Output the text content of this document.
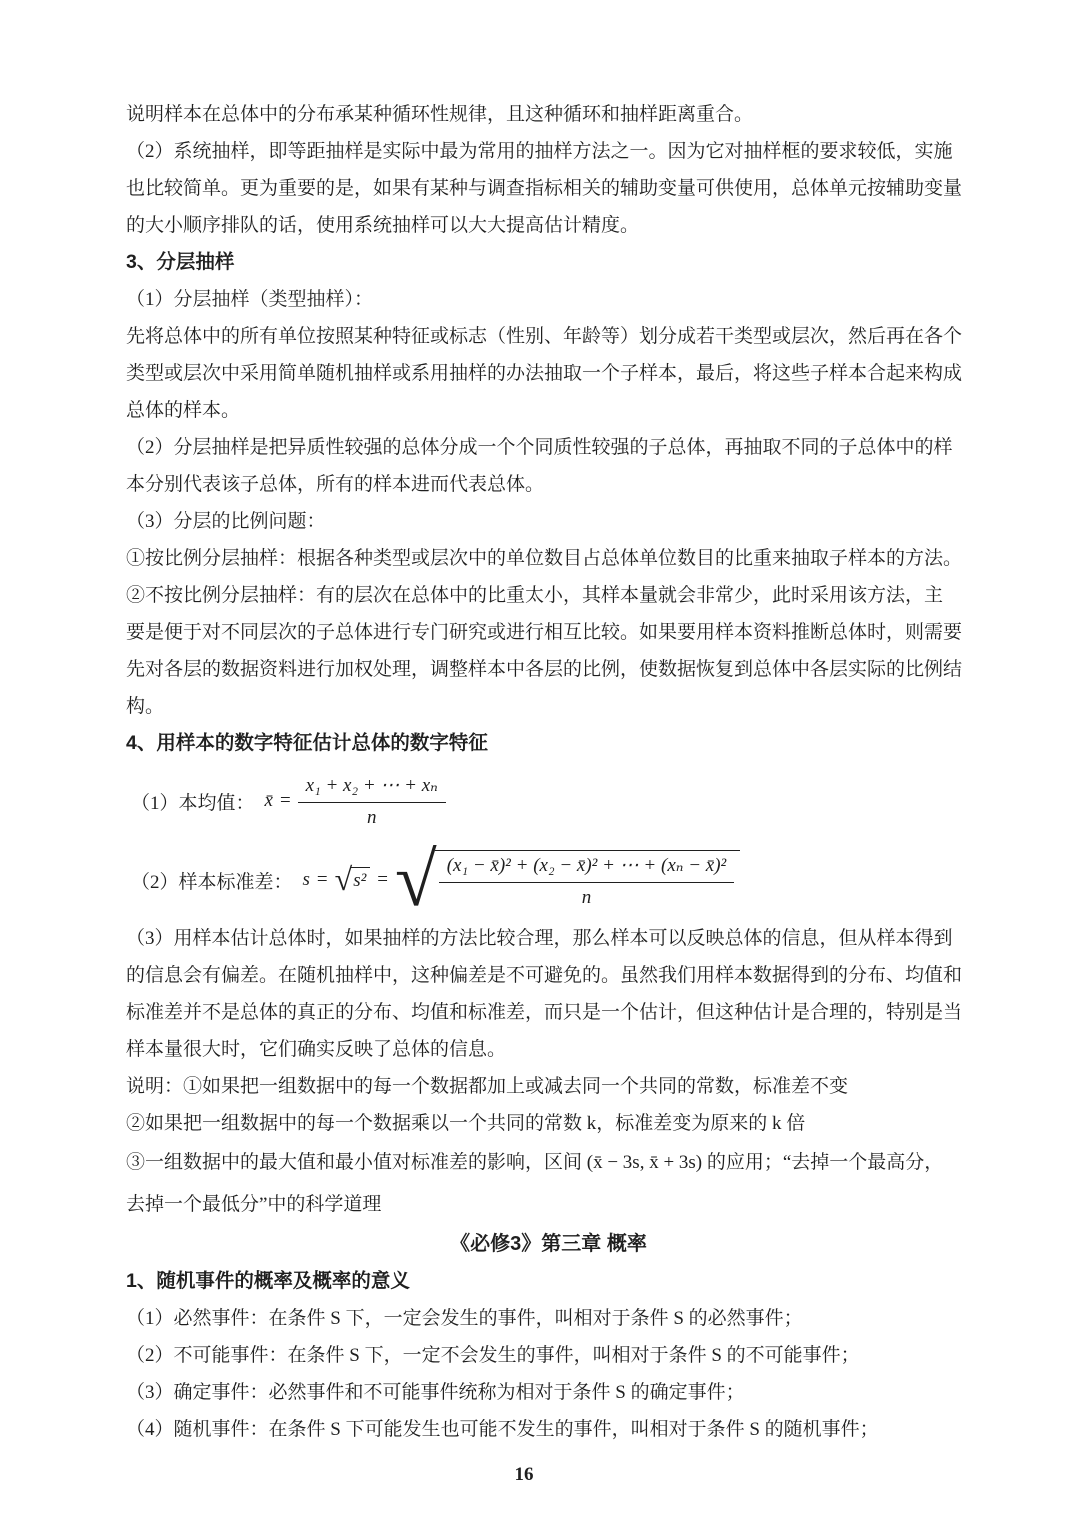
说明样本在总体中的分布承某种循环性规律，且这种循环和抽样距离重合。
（2）系统抽样，即等距抽样是实际中最为常用的抽样方法之一。因为它对抽样框的要求较低，实施
也比较简单。更为重要的是，如果有某种与调查指标相关的辅助变量可供使用，总体单元按辅助变量
的大小顺序排队的话，使用系统抽样可以大大提高估计精度。
3、分层抽样
（1）分层抽样（类型抽样）：
先将总体中的所有单位按照某种特征或标志（性别、年龄等）划分成若干类型或层次，然后再在各个
类型或层次中采用简单随机抽样或系用抽样的办法抽取一个子样本，最后，将这些子样本合起来构成
总体的样本。
（2）分层抽样是把异质性较强的总体分成一个个同质性较强的子总体，再抽取不同的子总体中的样
本分别代表该子总体，所有的样本进而代表总体。
（3）分层的比例问题：
①按比例分层抽样：根据各种类型或层次中的单位数目占总体单位数目的比重来抽取子样本的方法。
②不按比例分层抽样：有的层次在总体中的比重太小，其样本量就会非常少，此时采用该方法，主
要是便于对不同层次的子总体进行专门研究或进行相互比较。如果要用样本资料推断总体时，则需要
先对各层的数据资料进行加权处理，调整样本中各层的比例，使数据恢复到总体中各层实际的比例结
构。
4、用样本的数字特征估计总体的数字特征
（1）本均值： x̄ = $\frac{\text{x₁ + x₂ + ⋯ + xₙ}}{n}$
（2）样本标准差： s = √ s² = √ $\frac{\text{(x₁ − x̄)² + (x₂ − x̄)² + ⋯ + (xₙ − x̄)²}}{n}$
（3）用样本估计总体时，如果抽样的方法比较合理，那么样本可以反映总体的信息，但从样本得到
的信息会有偏差。在随机抽样中，这种偏差是不可避免的。虽然我们用样本数据得到的分布、均值和
标准差并不是总体的真正的分布、均值和标准差，而只是一个估计，但这种估计是合理的，特别是当
样本量很大时，它们确实反映了总体的信息。
说明：①如果把一组数据中的每一个数据都加上或减去同一个共同的常数，标准差不变
②如果把一组数据中的每一个数据乘以一个共同的常数 k，标准差变为原来的 k 倍
③一组数据中的最大值和最小值对标准差的影响，区间 (x̄ − 3s, x̄ + 3s) 的应用；“去掉一个最高分，
去掉一个最低分”中的科学道理
《必修3》第三章 概率
1、随机事件的概率及概率的意义
（1）必然事件：在条件 S 下，一定会发生的事件，叫相对于条件 S 的必然事件；
（2）不可能事件：在条件 S 下，一定不会发生的事件，叫相对于条件 S 的不可能事件；
（3）确定事件：必然事件和不可能事件统称为相对于条件 S 的确定事件；
（4）随机事件：在条件 S 下可能发生也可能不发生的事件，叫相对于条件 S 的随机事件；
16
